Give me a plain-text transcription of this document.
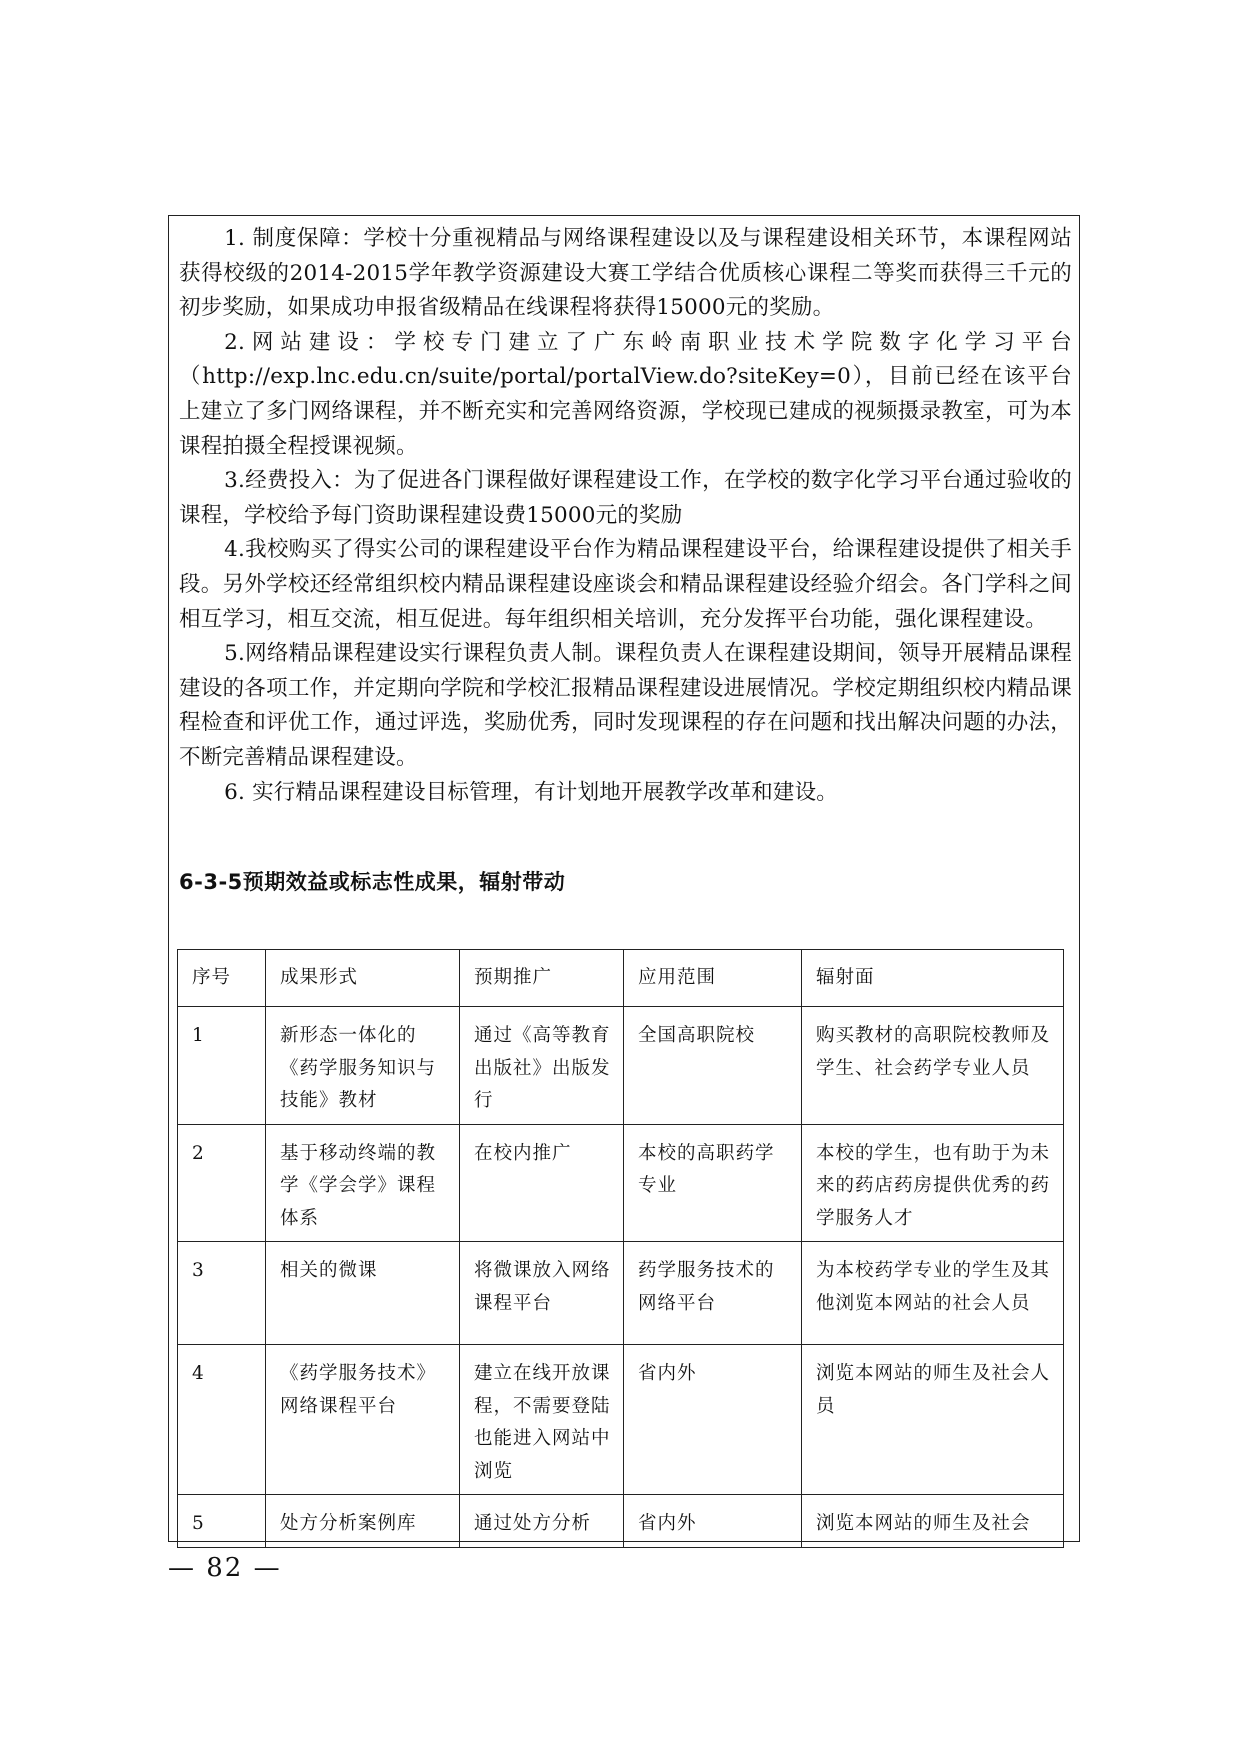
1. 制度保障：学校十分重视精品与网络课程建设以及与课程建设相关环节，本课程网站获得校级的2014-2015学年教学资源建设大赛工学结合优质核心课程二等奖而获得三千元的初步奖励，如果成功申报省级精品在线课程将获得15000元的奖励。

2.网站建设：学校专门建立了广东岭南职业技术学院数字化学习平台（http://exp.lnc.edu.cn/suite/portal/portalView.do?siteKey=0），目前已经在该平台上建立了多门网络课程，并不断充实和完善网络资源，学校现已建成的视频摄录教室，可为本课程拍摄全程授课视频。

3.经费投入：为了促进各门课程做好课程建设工作，在学校的数字化学习平台通过验收的课程，学校给予每门资助课程建设费15000元的奖励

4.我校购买了得实公司的课程建设平台作为精品课程建设平台，给课程建设提供了相关手段。另外学校还经常组织校内精品课程建设座谈会和精品课程建设经验介绍会。各门学科之间相互学习，相互交流，相互促进。每年组织相关培训，充分发挥平台功能，强化课程建设。

5.网络精品课程建设实行课程负责人制。课程负责人在课程建设期间，领导开展精品课程建设的各项工作，并定期向学院和学校汇报精品课程建设进展情况。学校定期组织校内精品课程检查和评优工作，通过评选，奖励优秀，同时发现课程的存在问题和找出解决问题的办法，不断完善精品课程建设。

6. 实行精品课程建设目标管理，有计划地开展教学改革和建设。

6-3-5预期效益或标志性成果，辐射带动
序号	成果形式	预期推广	应用范围	辐射面
1	新形态一体化的《药学服务知识与技能》教材	通过《高等教育出版社》出版发行	全国高职院校	购买教材的高职院校教师及学生、社会药学专业人员
2	基于移动终端的教学《学会学》课程体系	在校内推广	本校的高职药学专业	本校的学生，也有助于为未来的药店药房提供优秀的药学服务人才
3	相关的微课	将微课放入网络课程平台	药学服务技术的网络平台	为本校药学专业的学生及其他浏览本网站的社会人员
4	《药学服务技术》网络课程平台	建立在线开放课程，不需要登陆也能进入网站中浏览	省内外	浏览本网站的师生及社会人员
5	处方分析案例库	通过处方分析	省内外	浏览本网站的师生及社会
— 82 —
